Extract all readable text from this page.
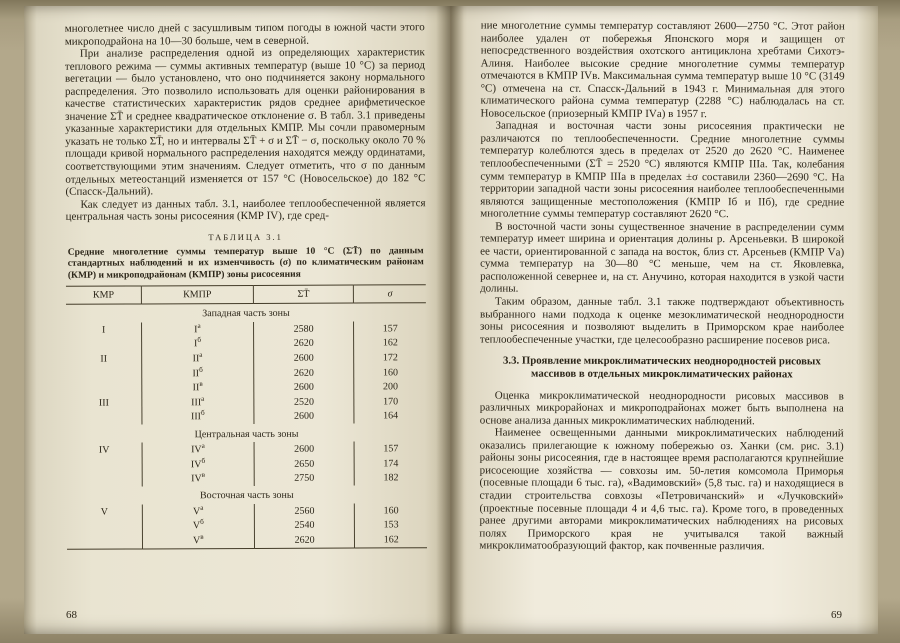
многолетнее число дней с засушливым типом погоды в южной части этого микроподрайона на 10—30 больше, чем в северной.

При анализе распределения одной из определяющих характеристик теплового режима — суммы активных температур (выше 10 °С) за период вегетации — было установлено, что оно подчиняется закону нормального распределения. Это позволило использовать для оценки районирования в качестве статистических характеристик рядов среднее арифметическое значение ΣT̄ и среднее квадратическое отклонение σ. В табл. 3.1 приведены указанные характеристики для отдельных КМПР. Мы сочли правомерным указать не только ΣT̄, но и интервалы ΣT̄ + σ и ΣT̄ − σ, поскольку около 70 % площади кривой нормального распределения находятся между ординатами, соответствующими этим значениям. Следует отметить, что σ по данным отдельных метеостанций изменяется от 157 °С (Новосельское) до 182 °С (Спасск-Дальний).

Как следует из данных табл. 3.1, наиболее теплообеспеченной является центральная часть зоны рисосеяния (КМР IV), где сред-

ТАБЛИЦА 3.1
Средние многолетние суммы температур выше 10 °С (ΣT̄) по данным стандартных наблюдений и их изменчивость (σ) по климатическим районам (КМР) и микроподрайонам (КМПР) зоны рисосеяния
КМР	КМПР	ΣT̄	σ
Западная часть зоны			
I	$I^а$	2580	157
	$I^б$	2620	162
II	$II^а$	2600	172
	$II^б$	2620	160
	$II^в$	2600	200
III	$III^а$	2520	170
	$III^б$	2600	164
Центральная часть зоны			
IV	$IV^а$	2600	157
	$IV^б$	2650	174
	$IV^в$	2750	182
Восточная часть зоны			
V	$V^а$	2560	160
	$V^б$	2540	153
	$V^в$	2620	162
68

ние многолетние суммы температур составляют 2600—2750 °С. Этот район наиболее удален от побережья Японского моря и защищен от непосредственного воздействия охотского антициклона хребтами Сихотэ-Алиня. Наиболее высокие средние многолетние суммы температур отмечаются в КМПР IVв. Максимальная сумма температур выше 10 °С (3149 °С) отмечена на ст. Спасск-Дальний в 1943 г. Минимальная для этого климатического района сумма температур (2288 °С) наблюдалась на ст. Новосельское (приозерный КМПР IVа) в 1957 г.

Западная и восточная части зоны рисосеяния практически не различаются по теплообеспеченности. Средние многолетние суммы температур колеблются здесь в пределах от 2520 до 2620 °С. Наименее теплообеспеченными (ΣT̄ = 2520 °С) являются КМПР IIIа. Так, колебания сумм температур в КМПР IIIа в пределах ±σ составили 2360—2690 °С. На территории западной части зоны рисосеяния наиболее теплообеспеченными являются защищенные местоположения (КМПР Iб и IIб), где средние многолетние суммы температур составляют 2620 °С.

В восточной части зоны существенное значение в распределении сумм температур имеет ширина и ориентация долины р. Арсеньевки. В широкой ее части, ориентированной с запада на восток, близ ст. Арсеньев (КМПР Vа) сумма температур на 30—80 °С меньше, чем на ст. Яковлевка, расположенной севернее и, на ст. Анучино, которая находится в узкой части долины.

Таким образом, данные табл. 3.1 также подтверждают объективность выбранного нами подхода к оценке мезоклиматической неоднородности зоны рисосеяния и позволяют выделить в Приморском крае наиболее теплообеспеченные участки, где целесообразно расширение посевов риса.

3.3. Проявление микроклиматических неоднородностей рисовых массивов в отдельных микроклиматических районах

Оценка микроклиматической неоднородности рисовых массивов в различных микрорайонах и микроподрайонах может быть выполнена на основе анализа данных микроклиматических наблюдений.

Наименее освещенными данными микроклиматических наблюдений оказались прилегающие к южному побережью оз. Ханки (см. рис. 3.1) районы зоны рисосеяния, где в настоящее время располагаются крупнейшие рисосеющие хозяйства — совхозы им. 50-летия комсомола Приморья (посевные площади 6 тыс. га), «Вадимовский» (5,8 тыс. га) и находящиеся в стадии строительства совхозы «Петровичанский» и «Лучковский» (проектные посевные площади 4 и 4,6 тыс. га). Кроме того, в проведенных ранее другими авторами микроклиматических наблюдениях на рисовых полях Приморского края не учитывался такой важный микроклиматообразующий фактор, как почвенные различия.

69
